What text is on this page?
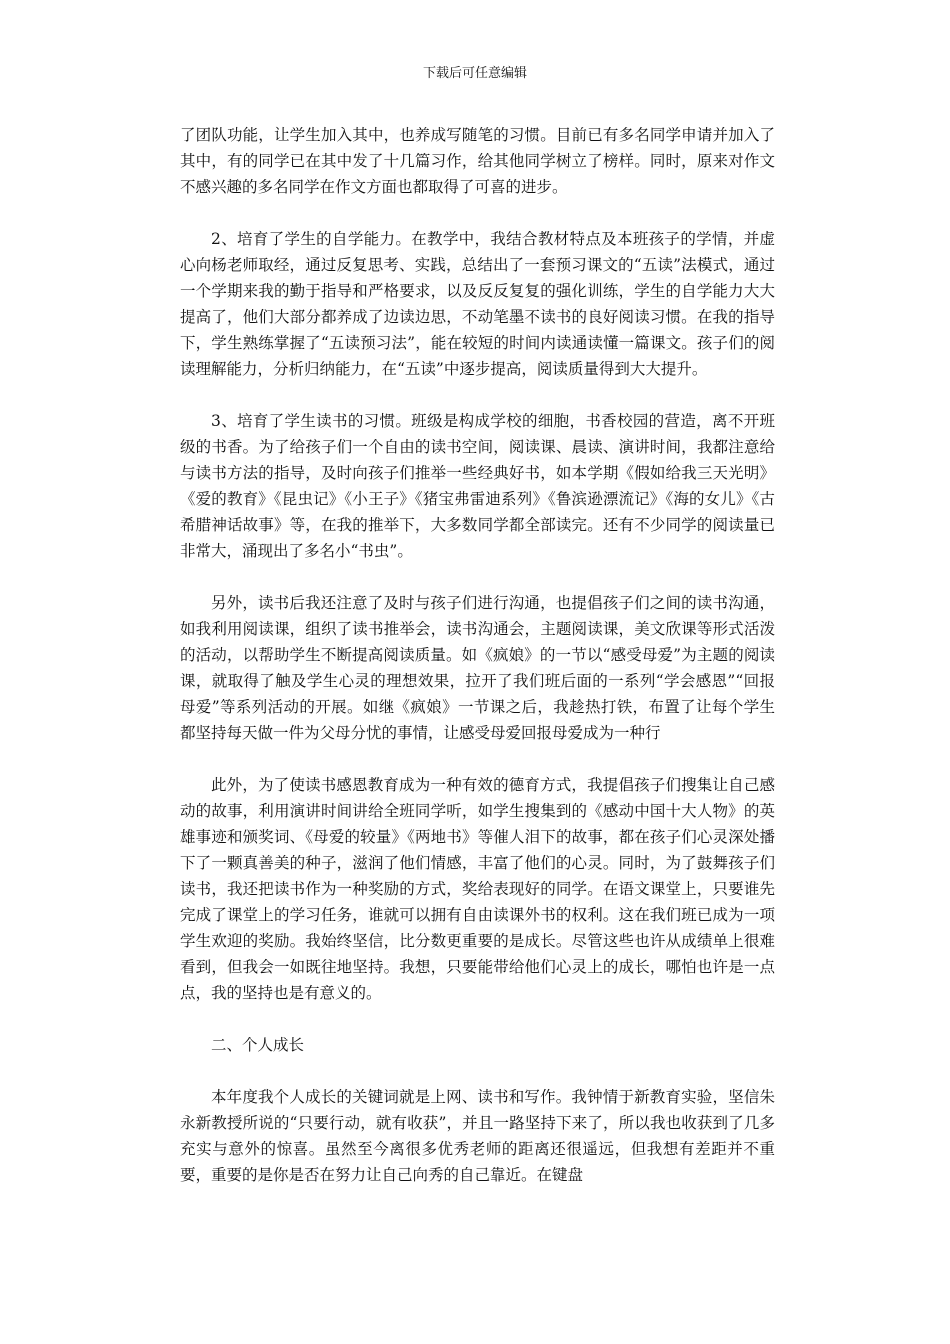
下载后可任意编辑

了团队功能，让学生加入其中，也养成写随笔的习惯。目前已有多名同学申请并加入了其中，有的同学已在其中发了十几篇习作，给其他同学树立了榜样。同时，原来对作文不感兴趣的多名同学在作文方面也都取得了可喜的进步。

2、培育了学生的自学能力。在教学中，我结合教材特点及本班孩子的学情，并虚心向杨老师取经，通过反复思考、实践，总结出了一套预习课文的“五读”法模式，通过一个学期来我的勤于指导和严格要求，以及反反复复的强化训练，学生的自学能力大大提高了，他们大部分都养成了边读边思，不动笔墨不读书的良好阅读习惯。在我的指导下，学生熟练掌握了“五读预习法”，能在较短的时间内读通读懂一篇课文。孩子们的阅读理解能力，分析归纳能力，在“五读”中逐步提高，阅读质量得到大大提升。

3、培育了学生读书的习惯。班级是构成学校的细胞，书香校园的营造，离不开班级的书香。为了给孩子们一个自由的读书空间，阅读课、晨读、演讲时间，我都注意给与读书方法的指导，及时向孩子们推举一些经典好书，如本学期《假如给我三天光明》《爱的教育》《昆虫记》《小王子》《猪宝弗雷迪系列》《鲁滨逊漂流记》《海的女儿》《古希腊神话故事》等，在我的推举下，大多数同学都全部读完。还有不少同学的阅读量已非常大，涌现出了多名小“书虫”。

另外，读书后我还注意了及时与孩子们进行沟通，也提倡孩子们之间的读书沟通，如我利用阅读课，组织了读书推举会，读书沟通会，主题阅读课，美文欣课等形式活泼的活动，以帮助学生不断提高阅读质量。如《疯娘》的一节以“感受母爱”为主题的阅读课，就取得了触及学生心灵的理想效果，拉开了我们班后面的一系列“学会感恩”“回报母爱”等系列活动的开展。如继《疯娘》一节课之后，我趁热打铁，布置了让每个学生都坚持每天做一件为父母分忧的事情，让感受母爱回报母爱成为一种行

此外，为了使读书感恩教育成为一种有效的德育方式，我提倡孩子们搜集让自己感动的故事，利用演讲时间讲给全班同学听，如学生搜集到的《感动中国十大人物》的英雄事迹和颁奖词、《母爱的较量》《两地书》等催人泪下的故事，都在孩子们心灵深处播下了一颗真善美的种子，滋润了他们情感，丰富了他们的心灵。同时，为了鼓舞孩子们读书，我还把读书作为一种奖励的方式，奖给表现好的同学。在语文课堂上，只要谁先完成了课堂上的学习任务，谁就可以拥有自由读课外书的权利。这在我们班已成为一项学生欢迎的奖励。我始终坚信，比分数更重要的是成长。尽管这些也许从成绩单上很难看到，但我会一如既往地坚持。我想，只要能带给他们心灵上的成长，哪怕也许是一点点，我的坚持也是有意义的。

二、个人成长

本年度我个人成长的关键词就是上网、读书和写作。我钟情于新教育实验，坚信朱永新教授所说的“只要行动，就有收获”，并且一路坚持下来了，所以我也收获到了几多充实与意外的惊喜。虽然至今离很多优秀老师的距离还很遥远，但我想有差距并不重要，重要的是你是否在努力让自己向秀的自己靠近。在键盘
